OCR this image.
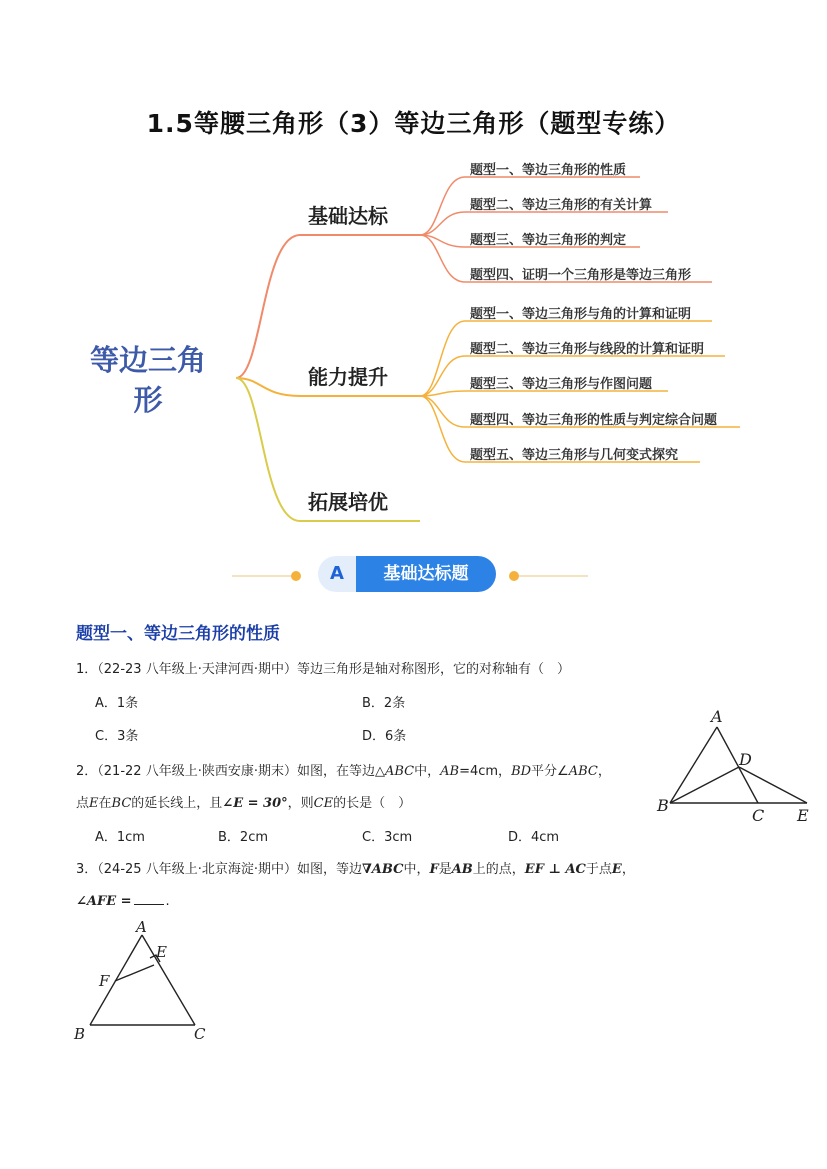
1.5等腰三角形（3）等边三角形（题型专练）
等边三角
形
基础达标
能力提升
拓展培优
题型一、等边三角形的性质
题型二、等边三角形的有关计算
题型三、等边三角形的判定
题型四、证明一个三角形是等边三角形
题型一、等边三角形与角的计算和证明
题型二、等边三角形与线段的计算和证明
题型三、等边三角形与作图问题
题型四、等边三角形的性质与判定综合问题
题型五、等边三角形与几何变式探究
A	基础达标题
题型一、等边三角形的性质
1．（22-23 八年级上·天津河西·期中）等边三角形是轴对称图形，它的对称轴有（　）
A．1条	B．2条
C．3条	D．6条
2．（21-22 八年级上·陕西安康·期末）如图，在等边△ABC中，AB=4cm，BD平分∠ABC，
点E在BC的延长线上，且∠E = 30°，则CE的长是（　）
A．1cm	B．2cm	C．3cm	D．4cm
A
B
C
D
E
3．（24-25 八年级上·北京海淀·期中）如图，等边∇ABC中，F是AB上的点，EF ⊥ AC于点E，
∠AFE =	.
A
E
F
B	C
